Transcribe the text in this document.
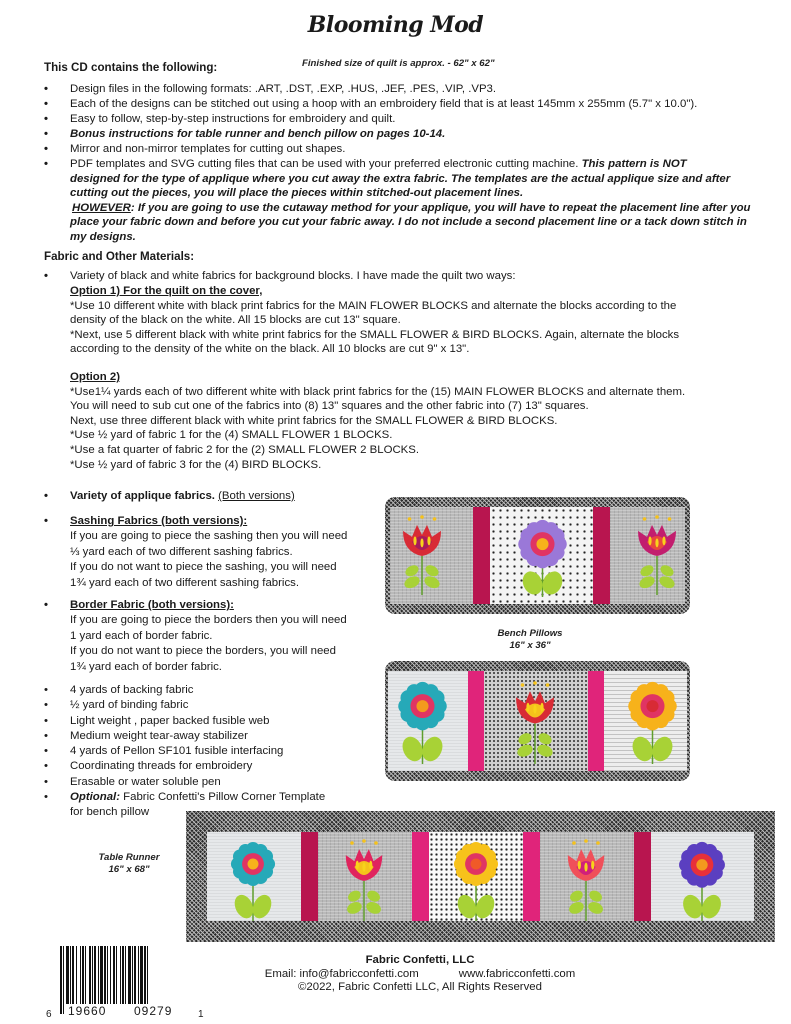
Blooming Mod
Finished size of quilt is approx. - 62" x 62"
This CD contains the following:
• Design files in the following formats: .ART, .DST, .EXP, .HUS, .JEF, .PES, .VIP, .VP3.
• Each of the designs can be stitched out using a hoop with an embroidery field that is at least 145mm x 255mm (5.7" x 10.0").
• Easy to follow, step-by-step instructions for embroidery and quilt.
• Bonus instructions for table runner and bench pillow on pages 10-14.
• Mirror and non-mirror templates for cutting out shapes.
• PDF templates and SVG cutting files that can be used with your preferred electronic cutting machine. This pattern is NOT
designed for the type of applique where you cut away the extra fabric. The templates are the actual applique size and after
cutting out the pieces, you will place the pieces within stitched-out placement lines.
HOWEVER: If you are going to use the cutaway method for your applique, you will have to repeat the placement line after you
place your fabric down and before you cut your fabric away. I do not include a second placement line or a tack down stitch in
my designs.
Fabric and Other Materials:
• Variety of black and white fabrics for background blocks. I have made the quilt two ways:
Option 1) For the quilt on the cover,
*Use 10 different white with black print fabrics for the MAIN FLOWER BLOCKS and alternate the blocks according to the
density of the black on the white. All 15 blocks are cut 13" square.
*Next, use 5 different black with white print fabrics for the SMALL FLOWER & BIRD BLOCKS. Again, alternate the blocks
according to the density of the white on the black. All 10 blocks are cut 9" x 13".
Option 2)
*Use1¼ yards each of two different white with black print fabrics for the (15) MAIN FLOWER BLOCKS and alternate them.
You will need to sub cut one of the fabrics into (8) 13" squares and the other fabric into (7) 13" squares.
Next, use three different black with white print fabrics for the SMALL FLOWER & BIRD BLOCKS.
*Use ½ yard of fabric 1 for the (4) SMALL FLOWER 1 BLOCKS.
*Use a fat quarter of fabric 2 for the (2) SMALL FLOWER 2 BLOCKS.
*Use ½ yard of fabric 3 for the (4) BIRD BLOCKS.
• Variety of applique fabrics. (Both versions)
• Sashing Fabrics (both versions):
If you are going to piece the sashing then you will need
⅓ yard each of two different sashing fabrics.
If you do not want to piece the sashing, you will need
1¾ yard each of two different sashing fabrics.
• Border Fabric (both versions):
If you are going to piece the borders then you will need
1 yard each of border fabric.
If you do not want to piece the borders, you will need
1¾ yard each of border fabric.
• 4 yards of backing fabric
• ½ yard of binding fabric
• Light weight , paper backed fusible web
• Medium weight tear-away stabilizer
• 4 yards of Pellon SF101 fusible interfacing
• Coordinating threads for embroidery
• Erasable or water soluble pen
• Optional: Fabric Confetti's Pillow Corner Template
for bench pillow
Bench Pillows
16" x 36"
Table Runner
16" x 68"
6 19660 09279	1
Fabric Confetti, LLC
Email: info@fabricconfetti.com	www.fabricconfetti.com
©2022, Fabric Confetti LLC, All Rights Reserved
